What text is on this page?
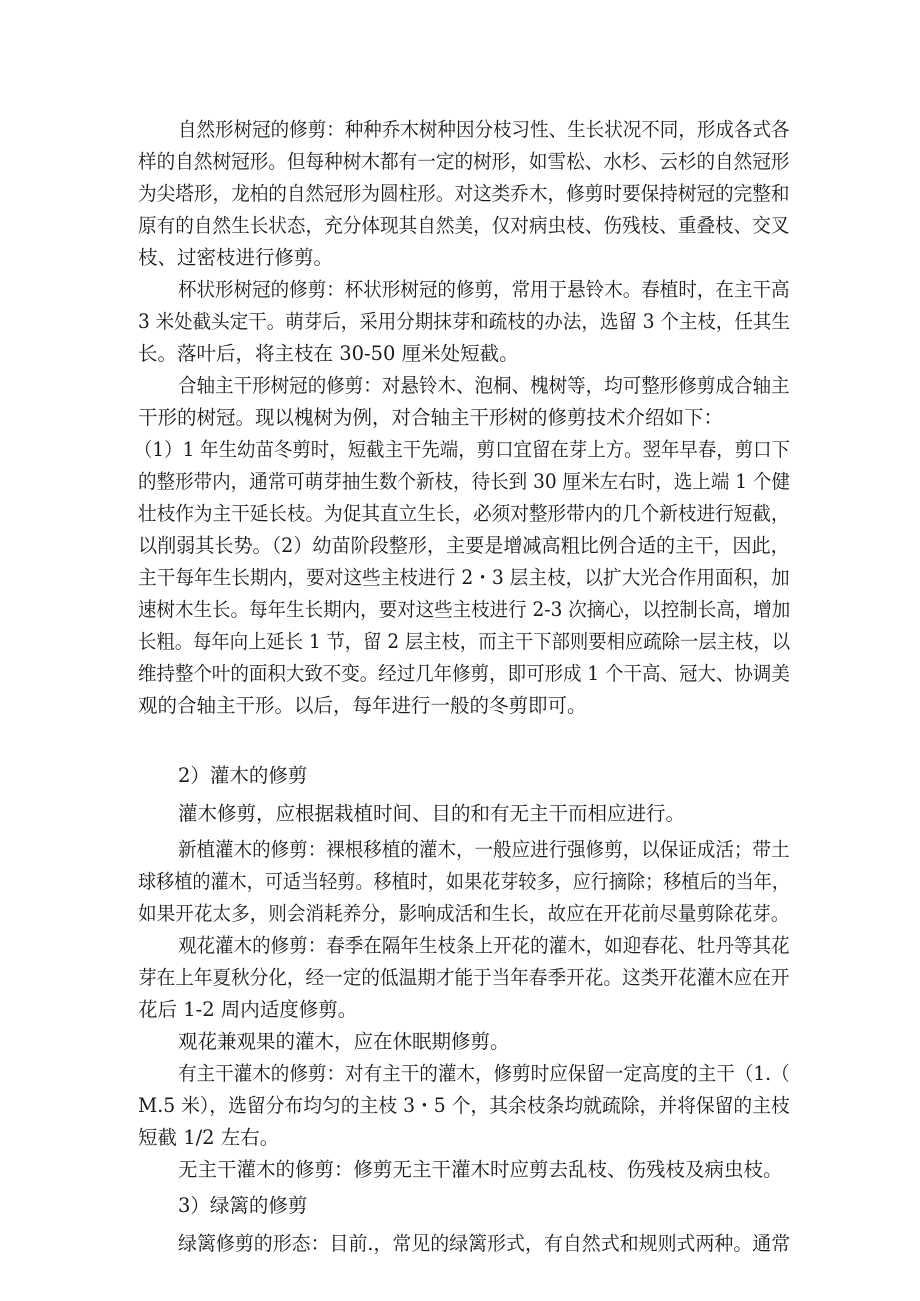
自然形树冠的修剪：种种乔木树种因分枝习性、生长状况不同，形成各式各
样的自然树冠形。但每种树木都有一定的树形，如雪松、水杉、云杉的自然冠形
为尖塔形，龙柏的自然冠形为圆柱形。对这类乔木，修剪时要保持树冠的完整和
原有的自然生长状态，充分体现其自然美，仅对病虫枝、伤残枝、重叠枝、交叉
枝、过密枝进行修剪。
杯状形树冠的修剪：杯状形树冠的修剪，常用于悬铃木。春植时，在主干高
3 米处截头定干。萌芽后，采用分期抹芽和疏枝的办法，选留 3 个主枝，任其生
长。落叶后，将主枝在 30-50 厘米处短截。
合轴主干形树冠的修剪：对悬铃木、泡桐、槐树等，均可整形修剪成合轴主
干形的树冠。现以槐树为例，对合轴主干形树的修剪技术介绍如下：
（1）1 年生幼苗冬剪时，短截主干先端，剪口宜留在芽上方。翌年早春，剪口下
的整形带内，通常可萌芽抽生数个新枝，待长到 30 厘米左右时，选上端 1 个健
壮枝作为主干延长枝。为促其直立生长，必须对整形带内的几个新枝进行短截，
以削弱其长势。（2）幼苗阶段整形，主要是增减高粗比例合适的主干，因此，
主干每年生长期内，要对这些主枝进行 2・3 层主枝，以扩大光合作用面积，加
速树木生长。每年生长期内，要对这些主枝进行 2-3 次摘心，以控制长高，增加
长粗。每年向上延长 1 节，留 2 层主枝，而主干下部则要相应疏除一层主枝，以
维持整个叶的面积大致不变。经过几年修剪，即可形成 1 个干高、冠大、协调美
观的合轴主干形。以后，每年进行一般的冬剪即可。
2）灌木的修剪
灌木修剪，应根据栽植时间、目的和有无主干而相应进行。
新植灌木的修剪：裸根移植的灌木，一般应进行强修剪，以保证成活；带土
球移植的灌木，可适当轻剪。移植时，如果花芽较多，应行摘除；移植后的当年，
如果开花太多，则会消耗养分，影响成活和生长，故应在开花前尽量剪除花芽。
观花灌木的修剪：春季在隔年生枝条上开花的灌木，如迎春花、牡丹等其花
芽在上年夏秋分化，经一定的低温期才能于当年春季开花。这类开花灌木应在开
花后 1-2 周内适度修剪。
观花兼观果的灌木，应在休眠期修剪。
有主干灌木的修剪：对有主干的灌木，修剪时应保留一定高度的主干（1.（
M.5 米），选留分布均匀的主枝 3・5 个，其余枝条均就疏除，并将保留的主枝
短截 1/2 左右。
无主干灌木的修剪：修剪无主干灌木时应剪去乱枝、伤残枝及病虫枝。
3）绿篱的修剪
绿篱修剪的形态：目前.，常见的绿篱形式，有自然式和规则式两种。通常
